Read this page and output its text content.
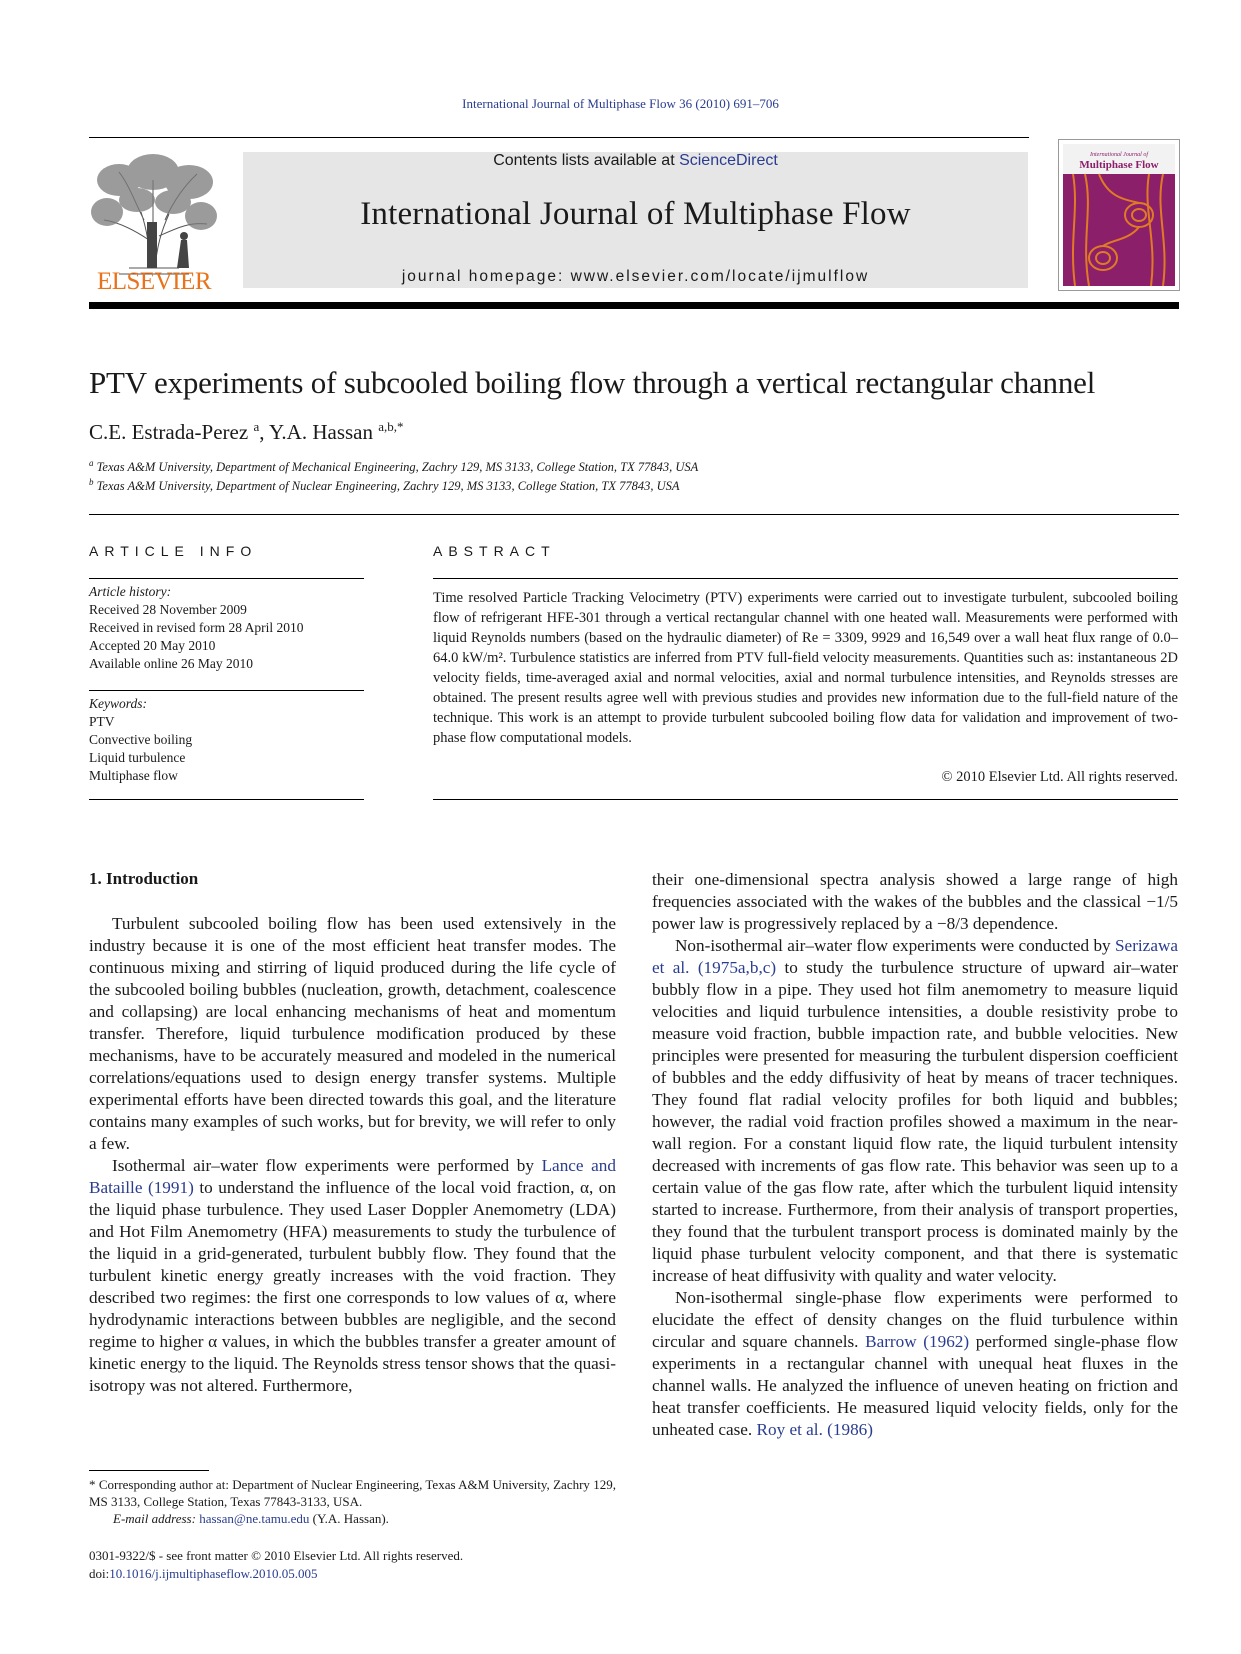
International Journal of Multiphase Flow 36 (2010) 691–706
ELSEVIER
Contents lists available at ScienceDirect
International Journal of Multiphase Flow
journal homepage: www.elsevier.com/locate/ijmulflow
International Journal of
Multiphase Flow
PTV experiments of subcooled boiling flow through a vertical rectangular channel
C.E. Estrada-Perez $^a$, Y.A. Hassan $^{a,b,*}$
$^a$ Texas A&M University, Department of Mechanical Engineering, Zachry 129, MS 3133, College Station, TX 77843, USA
$^b$ Texas A&M University, Department of Nuclear Engineering, Zachry 129, MS 3133, College Station, TX 77843, USA
ARTICLE INFO
Article history:
Received 28 November 2009
Received in revised form 28 April 2010
Accepted 20 May 2010
Available online 26 May 2010
Keywords:
PTV
Convective boiling
Liquid turbulence
Multiphase flow
ABSTRACT
Time resolved Particle Tracking Velocimetry (PTV) experiments were carried out to investigate turbulent, subcooled boiling flow of refrigerant HFE-301 through a vertical rectangular channel with one heated wall. Measurements were performed with liquid Reynolds numbers (based on the hydraulic diameter) of Re = 3309, 9929 and 16,549 over a wall heat flux range of 0.0–64.0 kW/m². Turbulence statistics are inferred from PTV full-field velocity measurements. Quantities such as: instantaneous 2D velocity fields, time-averaged axial and normal velocities, axial and normal turbulence intensities, and Reynolds stresses are obtained. The present results agree well with previous studies and provides new information due to the full-field nature of the technique. This work is an attempt to provide turbulent subcooled boiling flow data for validation and improvement of two-phase flow computational models.
© 2010 Elsevier Ltd. All rights reserved.
1. Introduction

Turbulent subcooled boiling flow has been used extensively in the industry because it is one of the most efficient heat transfer modes. The continuous mixing and stirring of liquid produced during the life cycle of the subcooled boiling bubbles (nucleation, growth, detachment, coalescence and collapsing) are local enhancing mechanisms of heat and momentum transfer. Therefore, liquid turbulence modification produced by these mechanisms, have to be accurately measured and modeled in the numerical correlations/equations used to design energy transfer systems. Multiple experimental efforts have been directed towards this goal, and the literature contains many examples of such works, but for brevity, we will refer to only a few.

Isothermal air–water flow experiments were performed by Lance and Bataille (1991) to understand the influence of the local void fraction, α, on the liquid phase turbulence. They used Laser Doppler Anemometry (LDA) and Hot Film Anemometry (HFA) measurements to study the turbulence of the liquid in a grid-generated, turbulent bubbly flow. They found that the turbulent kinetic energy greatly increases with the void fraction. They described two regimes: the first one corresponds to low values of α, where hydrodynamic interactions between bubbles are negligible, and the second regime to higher α values, in which the bubbles transfer a greater amount of kinetic energy to the liquid. The Reynolds stress tensor shows that the quasi-isotropy was not altered. Furthermore,

their one-dimensional spectra analysis showed a large range of high frequencies associated with the wakes of the bubbles and the classical −1/5 power law is progressively replaced by a −8/3 dependence.

Non-isothermal air–water flow experiments were conducted by Serizawa et al. (1975a,b,c) to study the turbulence structure of upward air–water bubbly flow in a pipe. They used hot film anemometry to measure liquid velocities and liquid turbulence intensities, a double resistivity probe to measure void fraction, bubble impaction rate, and bubble velocities. New principles were presented for measuring the turbulent dispersion coefficient of bubbles and the eddy diffusivity of heat by means of tracer techniques. They found flat radial velocity profiles for both liquid and bubbles; however, the radial void fraction profiles showed a maximum in the near-wall region. For a constant liquid flow rate, the liquid turbulent intensity decreased with increments of gas flow rate. This behavior was seen up to a certain value of the gas flow rate, after which the turbulent liquid intensity started to increase. Furthermore, from their analysis of transport properties, they found that the turbulent transport process is dominated mainly by the liquid phase turbulent velocity component, and that there is systematic increase of heat diffusivity with quality and water velocity.

Non-isothermal single-phase flow experiments were performed to elucidate the effect of density changes on the fluid turbulence within circular and square channels. Barrow (1962) performed single-phase flow experiments in a rectangular channel with unequal heat fluxes in the channel walls. He analyzed the influence of uneven heating on friction and heat transfer coefficients. He measured liquid velocity fields, only for the unheated case. Roy et al. (1986)

* Corresponding author at: Department of Nuclear Engineering, Texas A&M University, Zachry 129, MS 3133, College Station, Texas 77843-3133, USA.
E-mail address: hassan@ne.tamu.edu (Y.A. Hassan).
0301-9322/$ - see front matter © 2010 Elsevier Ltd. All rights reserved.
doi:10.1016/j.ijmultiphaseflow.2010.05.005
